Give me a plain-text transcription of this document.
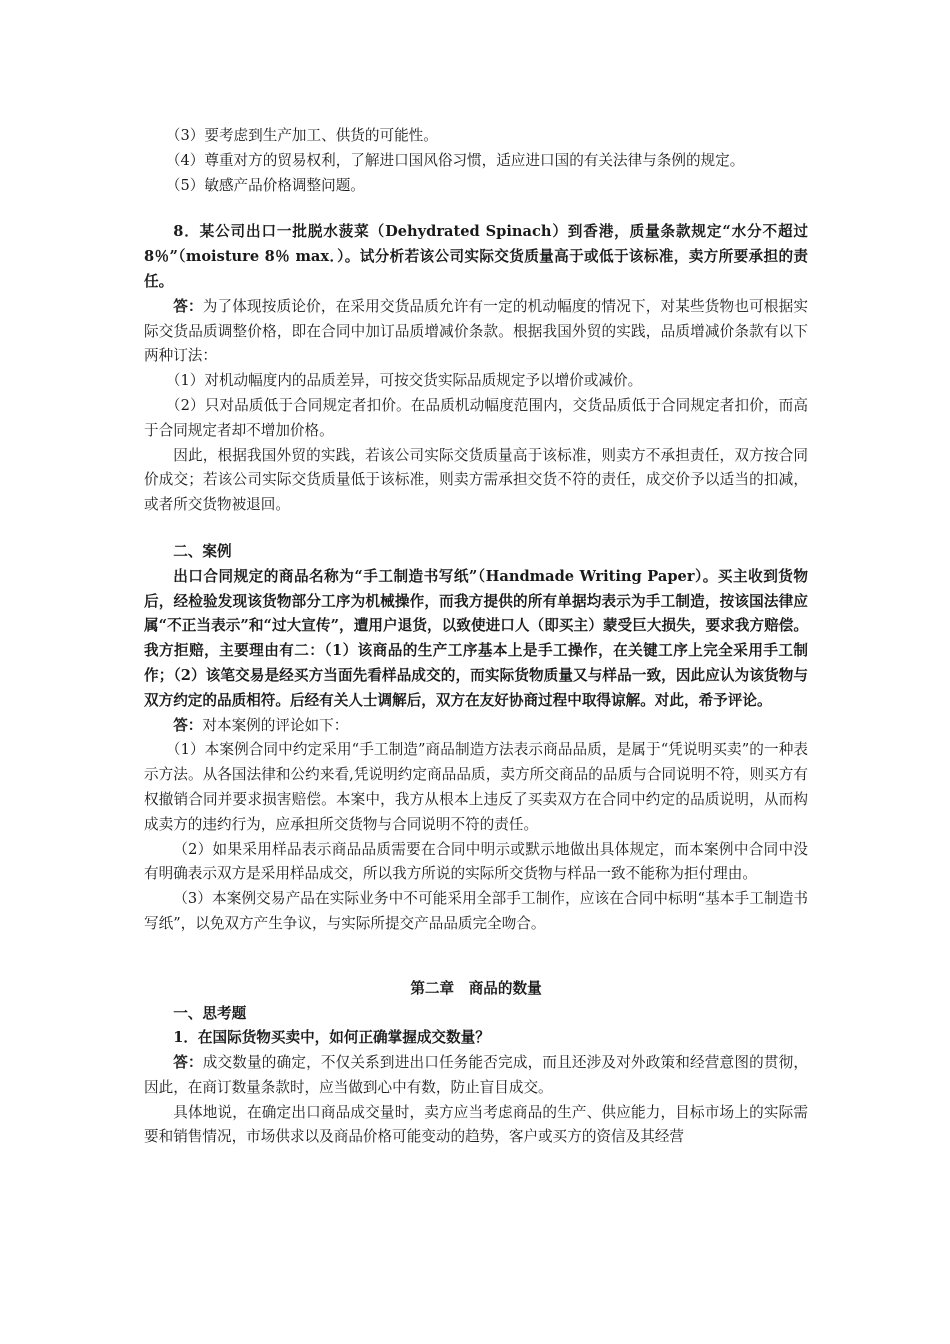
（3）要考虑到生产加工、供货的可能性。

（4）尊重对方的贸易权利，了解进口国风俗习惯，适应进口国的有关法律与条例的规定。

（5）敏感产品价格调整问题。

8．某公司出口一批脱水菠菜（Dehydrated Spinach）到香港，质量条款规定“水分不超过8％”（moisture 8％ max．）。试分析若该公司实际交货质量高于或低于该标准，卖方所要承担的责任。

答：为了体现按质论价，在采用交货品质允许有一定的机动幅度的情况下，对某些货物也可根据实际交货品质调整价格，即在合同中加订品质增减价条款。根据我国外贸的实践，品质增减价条款有以下两种订法：

（1）对机动幅度内的品质差异，可按交货实际品质规定予以增价或减价。

（2）只对品质低于合同规定者扣价。在品质机动幅度范围内，交货品质低于合同规定者扣价，而高于合同规定者却不增加价格。

因此，根据我国外贸的实践，若该公司实际交货质量高于该标准，则卖方不承担责任，双方按合同价成交；若该公司实际交货质量低于该标准，则卖方需承担交货不符的责任，成交价予以适当的扣减，或者所交货物被退回。

二、案例

出口合同规定的商品名称为“手工制造书写纸”（Handmade Writing Paper）。买主收到货物后，经检验发现该货物部分工序为机械操作，而我方提供的所有单据均表示为手工制造，按该国法律应属“不正当表示”和“过大宣传”，遭用户退货，以致使进口人（即买主）蒙受巨大损失，要求我方赔偿。我方拒赔，主要理由有二：（1）该商品的生产工序基本上是手工操作，在关键工序上完全采用手工制作；（2）该笔交易是经买方当面先看样品成交的，而实际货物质量又与样品一致，因此应认为该货物与双方约定的品质相符。后经有关人士调解后，双方在友好协商过程中取得谅解。对此，希予评论。

答：对本案例的评论如下：

（1）本案例合同中约定采用“手工制造”商品制造方法表示商品品质，是属于“凭说明买卖”的一种表示方法。从各国法律和公约来看,凭说明约定商品品质，卖方所交商品的品质与合同说明不符，则买方有权撤销合同并要求损害赔偿。本案中，我方从根本上违反了买卖双方在合同中约定的品质说明，从而构成卖方的违约行为，应承担所交货物与合同说明不符的责任。

（2）如果采用样品表示商品品质需要在合同中明示或默示地做出具体规定，而本案例中合同中没有明确表示双方是采用样品成交，所以我方所说的实际所交货物与样品一致不能称为拒付理由。

（3）本案例交易产品在实际业务中不可能采用全部手工制作，应该在合同中标明“基本手工制造书写纸”，以免双方产生争议，与实际所提交产品品质完全吻合。

第二章　商品的数量

一、思考题

1．在国际货物买卖中，如何正确掌握成交数量？

答：成交数量的确定，不仅关系到进出口任务能否完成，而且还涉及对外政策和经营意图的贯彻，因此，在商订数量条款时，应当做到心中有数，防止盲目成交。

具体地说，在确定出口商品成交量时，卖方应当考虑商品的生产、供应能力，目标市场上的实际需要和销售情况，市场供求以及商品价格可能变动的趋势，客户或买方的资信及其经营
